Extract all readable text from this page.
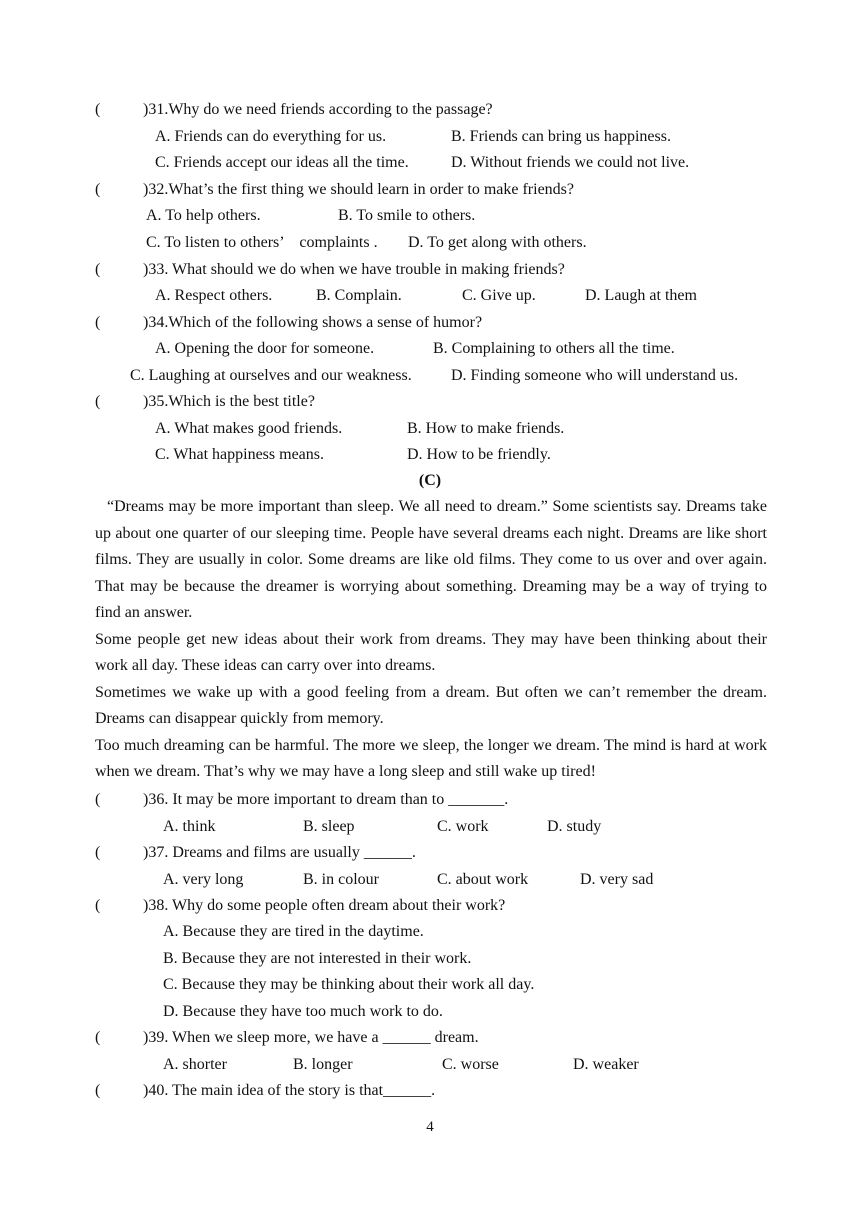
(	)31.Why do we need friends according to the passage?
A. Friends can do everything for us.	B. Friends can bring us happiness.
C. Friends accept our ideas all the time.	D. Without friends we could not live.
(	)32.What’s the first thing we should learn in order to make friends?
A. To help others.	B. To smile to others.
C. To listen to others’　complaints . D. To get along with others.
(	)33. What should we do when we have trouble in making friends?
A. Respect others.	B. Complain.	C. Give up.	D. Laugh at them
(	)34.Which of the following shows a sense of humor?
A. Opening the door for someone.	B. Complaining to others all the time.
C. Laughing at ourselves and our weakness. D. Finding someone who will understand us.
(	)35.Which is the best title?
A. What makes good friends.	B. How to make friends.
C. What happiness means.	D. How to be friendly.
(C)

“Dreams may be more important than sleep. We all need to dream.” Some scientists say. Dreams take up about one quarter of our sleeping time. People have several dreams each night. Dreams are like short films. They are usually in color. Some dreams are like old films. They come to us over and over again. That may be because the dreamer is worrying about something. Dreaming may be a way of trying to find an answer.

Some people get new ideas about their work from dreams. They may have been thinking about their work all day. These ideas can carry over into dreams.

Sometimes we wake up with a good feeling from a dream. But often we can’t remember the dream. Dreams can disappear quickly from memory.

Too much dreaming can be harmful. The more we sleep, the longer we dream. The mind is hard at work when we dream. That’s why we may have a long sleep and still wake up tired!

(	)36. It may be more important to dream than to _______.
A. think	B. sleep	C. work	D. study
(	)37. Dreams and films are usually ______.
A. very long	B. in colour	C. about work	D. very sad
(	)38. Why do some people often dream about their work?
A. Because they are tired in the daytime.
B. Because they are not interested in their work.
C. Because they may be thinking about their work all day.
D. Because they have too much work to do.
(	)39. When we sleep more, we have a ______ dream.
A. shorter	B. longer	C. worse	D. weaker
(	)40. The main idea of the story is that______.
4
